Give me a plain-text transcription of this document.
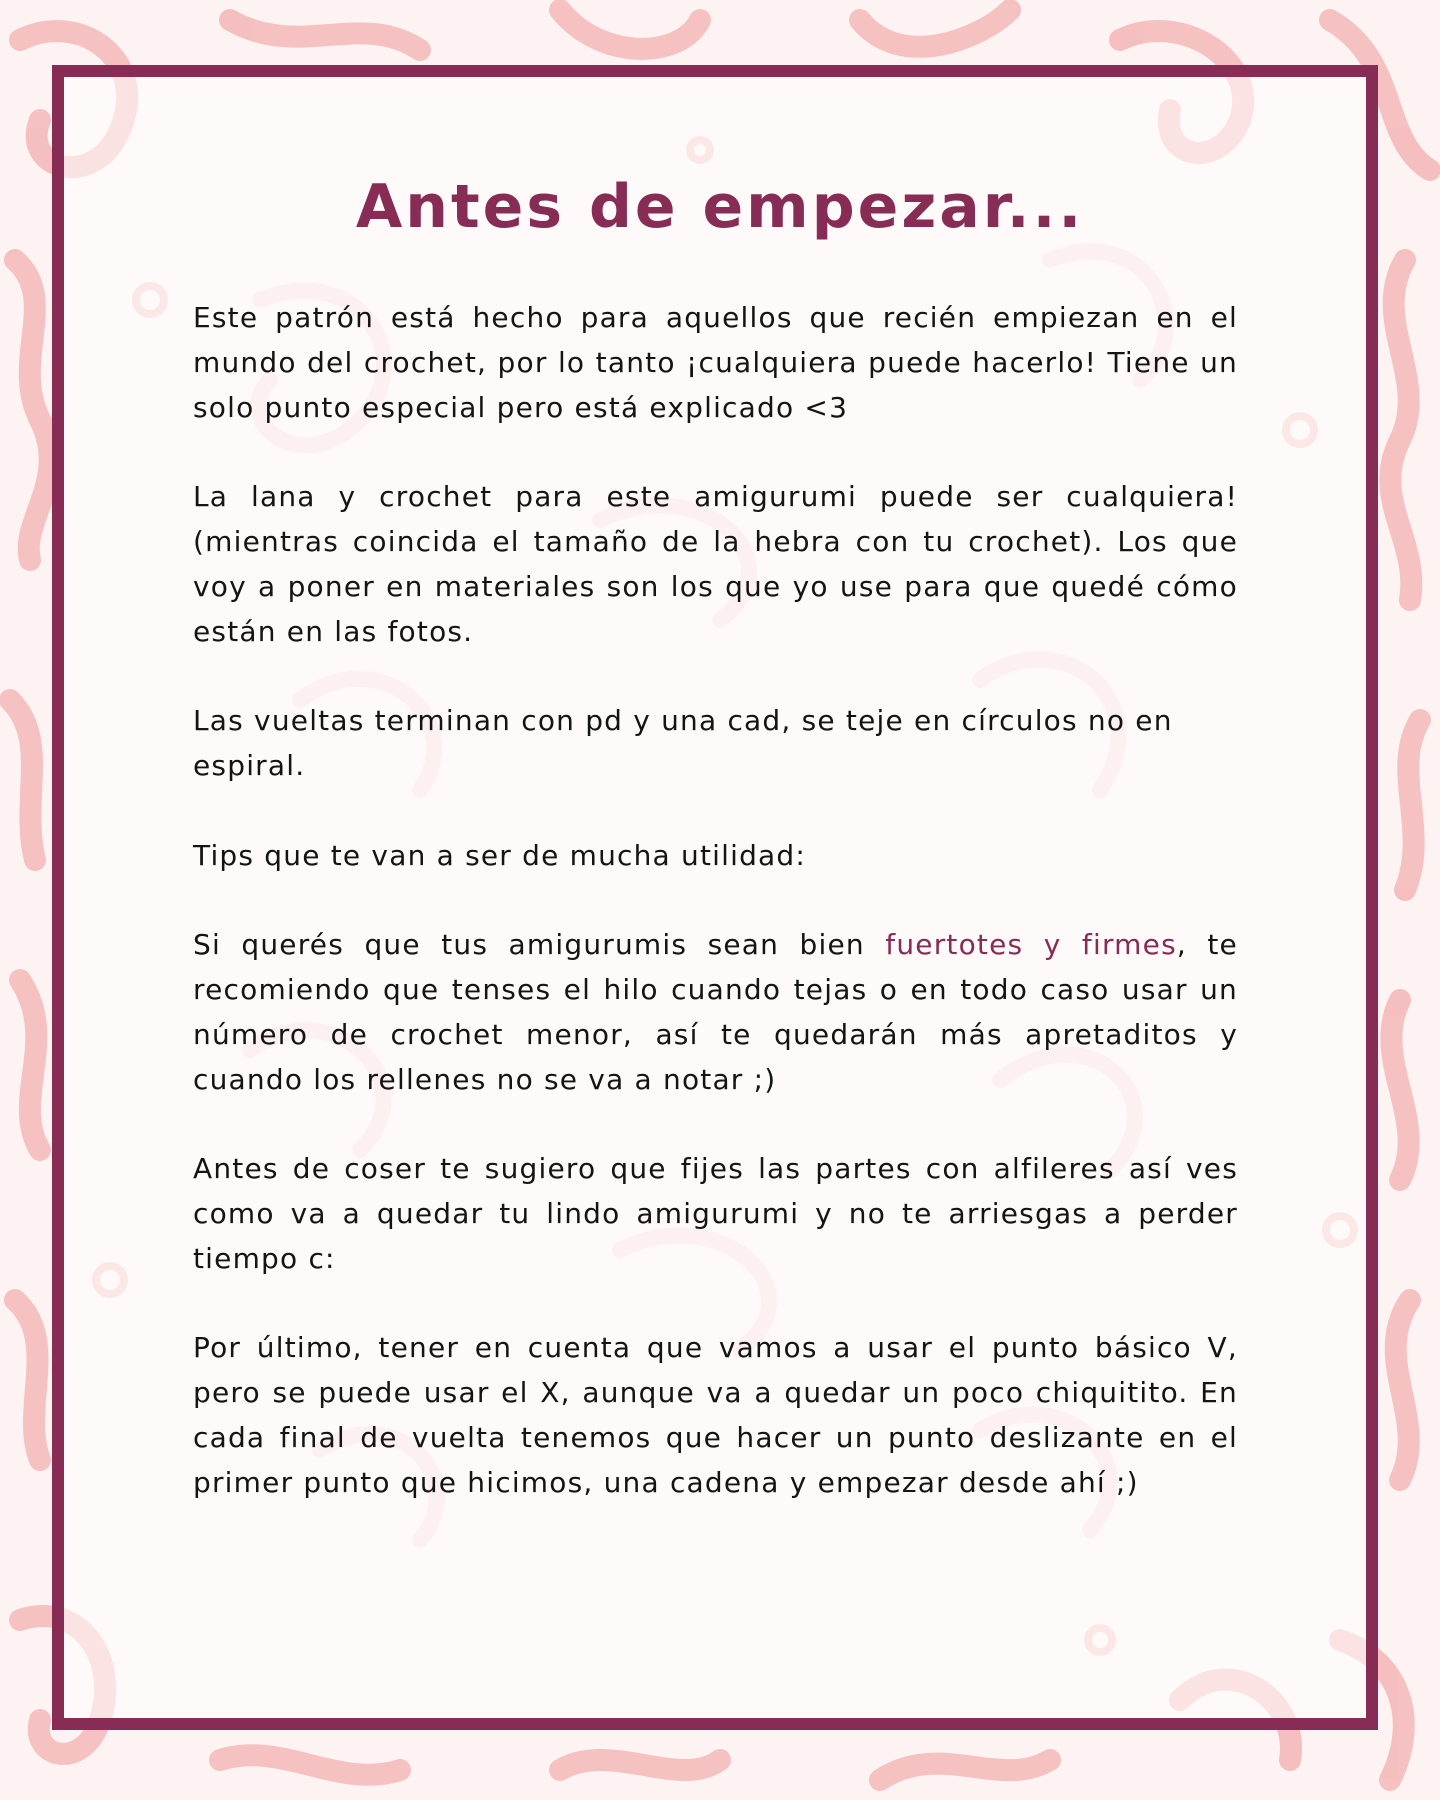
Antes de empezar...

Este patrón está hecho para aquellos que recién empiezan en el mundo del crochet, por lo tanto ¡cualquiera puede hacerlo! Tiene un solo punto especial pero está explicado <3

La lana y crochet para este amigurumi puede ser cualquiera! (mientras coincida el tamaño de la hebra con tu crochet). Los que voy a poner en materiales son los que yo use para que quedé cómo están en las fotos.

Las vueltas terminan con pd y una cad, se teje en círculos no en espiral.

Tips que te van a ser de mucha utilidad:

Si querés que tus amigurumis sean bien fuertotes y firmes, te recomiendo que tenses el hilo cuando tejas o en todo caso usar un número de crochet menor, así te quedarán más apretaditos y cuando los rellenes no se va a notar ;)

Antes de coser te sugiero que fijes las partes con alfileres así ves como va a quedar tu lindo amigurumi y no te arriesgas a perder tiempo c:

Por último, tener en cuenta que vamos a usar el punto básico V, pero se puede usar el X, aunque va a quedar un poco chiquitito. En cada final de vuelta tenemos que hacer un punto deslizante en el primer punto que hicimos, una cadena y empezar desde ahí ;)
